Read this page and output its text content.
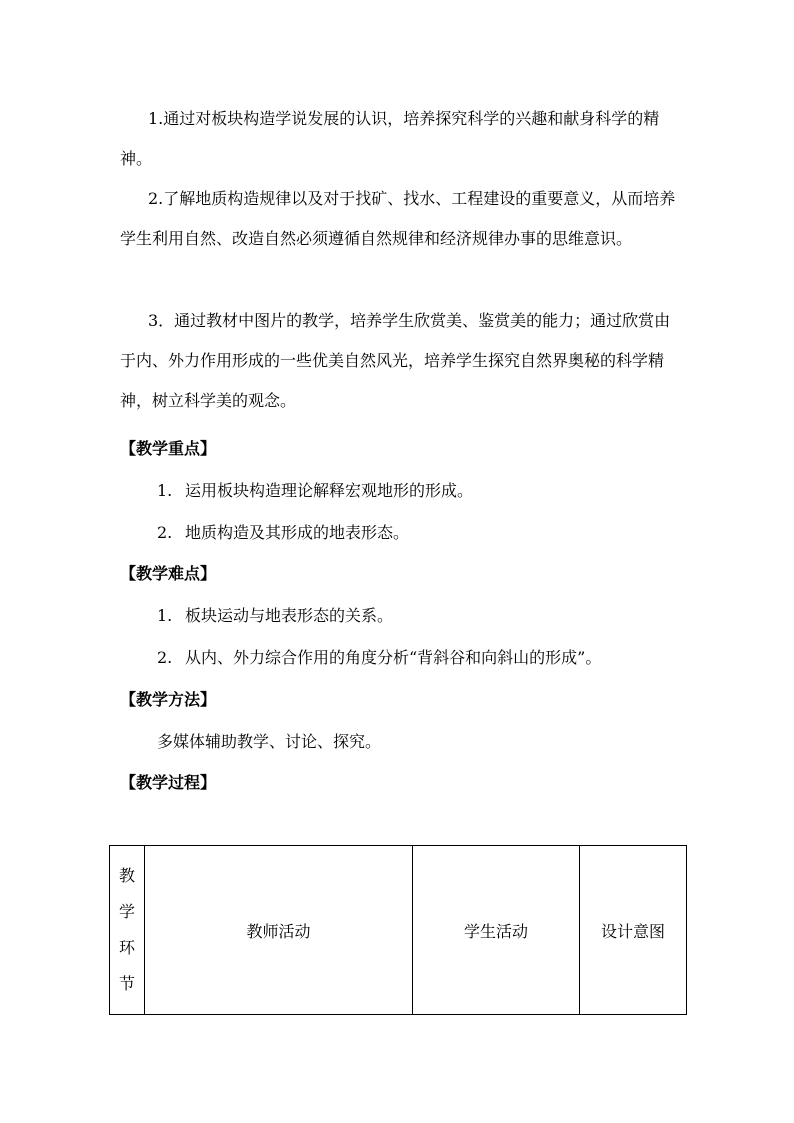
1.通过对板块构造学说发展的认识，培养探究科学的兴趣和献身科学的精神。

2.了解地质构造规律以及对于找矿、找水、工程建设的重要意义，从而培养学生利用自然、改造自然必须遵循自然规律和经济规律办事的思维意识。

3．通过教材中图片的教学，培养学生欣赏美、鉴赏美的能力；通过欣赏由于内、外力作用形成的一些优美自然风光，培养学生探究自然界奥秘的科学精神，树立科学美的观念。

【教学重点】

1. 运用板块构造理论解释宏观地形的形成。

2. 地质构造及其形成的地表形态。

【教学难点】

1. 板块运动与地表形态的关系。

2. 从内、外力综合作用的角度分析“背斜谷和向斜山的形成”。

【教学方法】

多媒体辅助教学、讨论、探究。

【教学过程】

教
学
环
节
	教师活动	学生活动	设计意图
